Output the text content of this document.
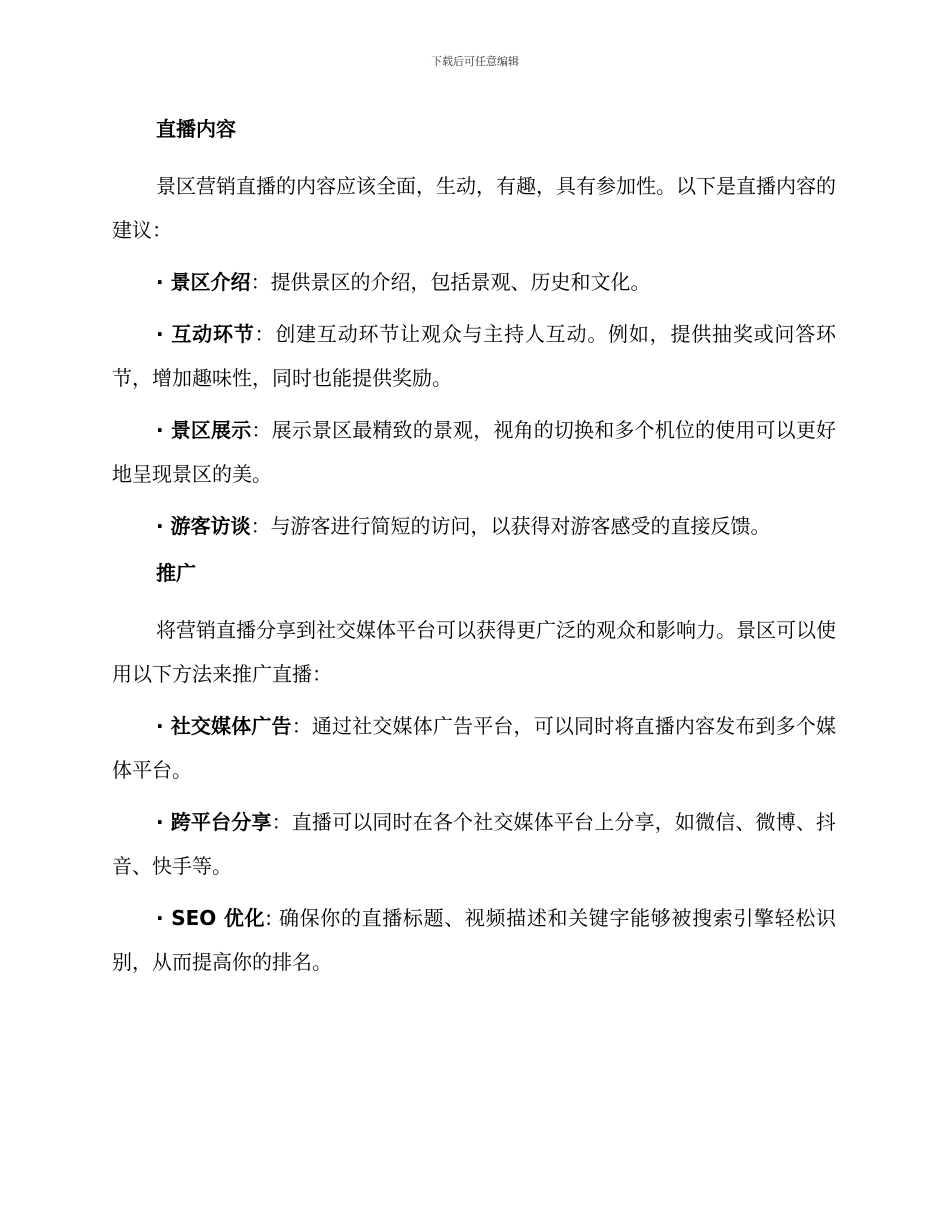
下载后可任意编辑
直播内容

景区营销直播的内容应该全面，生动，有趣，具有参加性。以下是直播内容的建议：

· 景区介绍：提供景区的介绍，包括景观、历史和文化。

· 互动环节：创建互动环节让观众与主持人互动。例如，提供抽奖或问答环节，增加趣味性，同时也能提供奖励。

· 景区展示：展示景区最精致的景观，视角的切换和多个机位的使用可以更好地呈现景区的美。

· 游客访谈：与游客进行简短的访问，以获得对游客感受的直接反馈。

推广

将营销直播分享到社交媒体平台可以获得更广泛的观众和影响力。景区可以使用以下方法来推广直播：

· 社交媒体广告：通过社交媒体广告平台，可以同时将直播内容发布到多个媒体平台。

· 跨平台分享：直播可以同时在各个社交媒体平台上分享，如微信、微博、抖音、快手等。

· SEO 优化: 确保你的直播标题、视频描述和关键字能够被搜索引擎轻松识别，从而提高你的排名。
